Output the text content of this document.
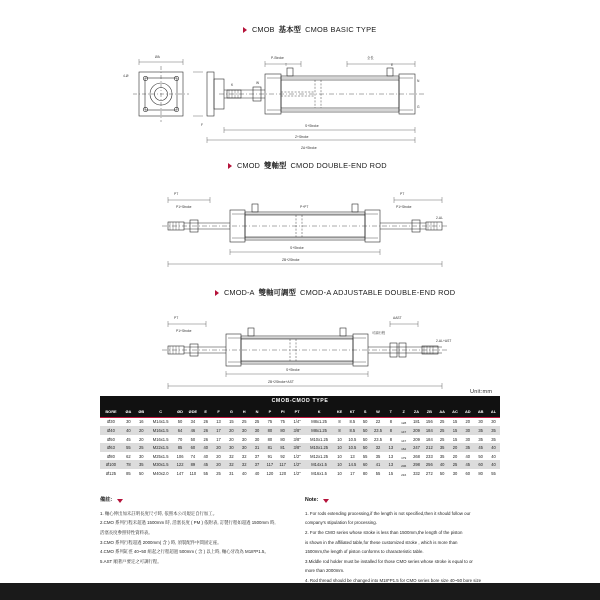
CMOB 基本型 CMOB BASIC TYPE
ØA
4-Ø
P-Stroke	全長
S+Stroke
Z+Stroke
ZA+Stroke
K	W
T	E
N
G
F
CMOD 雙軸型 CMOD DOUBLE-END ROD
PT
P1+Stroke	P+PT
PT
P1+Stroke
S+Stroke
ZB+2Stroke
2-AL
CMOD-A 雙軸可調型 CMOD-A ADJUSTABLE DOUBLE-END ROD
PT
P1+Stroke
AAST
可調行程
S+Stroke
ZB+2Stroke+AST
2-AL+AST
Unit:mm
CMOB-CMOD TYPE
BORE	ØA	ØB	C	ØD	ØDE	E	F	G	H	N	P	PI	PT	K	KE	KT	S	W	T	Z	ZA	ZB	AA	AC	AD	AB	AL
Ø30	30	16	M14x1.5	50	34	26	13	15	25	25	75	75	1/4"	M8x1.25	8	8.5	50	22	8	$_{128}$	181	156	25	15	20	30	30
Ø40	40	20	M16x1.5	64	46	26	17	20	30	30	80	80	3/8"	M8x1.25	8	8.5	50	23.5	8	$_{147}$	209	184	25	15	30	35	35
Ø50	45	20	M16x1.5	70	50	26	17	20	30	30	80	80	3/8"	M10x1.25	10	10.5	50	23.5	8	$_{147}$	209	184	25	15	30	35	35
Ø63	55	25	M22x1.5	85	60	40	20	30	30	31	81	81	3/8"	M10x1.25	10	10.5	50	32	13	$_{162}$	247	212	35	20	35	45	40
Ø80	62	30	M25x1.5	106	74	40	20	32	32	37	91	92	1/2"	M12x1.25	10	13	55	35	13	$_{179}$	268	233	35	20	40	50	40
Ø100	78	35	M30x1.5	122	89	45	20	32	32	37	117	117	1/2"	M14x1.5	10	14.5	60	41	13	$_{206}$	298	256	40	25	45	60	40
Ø125	85	50	M40x2.0	147	110	55	25	31	40	40	120	120	1/2"	M16x1.5	10	17	80	55	15	$_{216}$	332	272	50	30	60	80	55
備註:

1. 軸心伸出加未註明長度尺寸時, 依照本公司規定自行加工。

2.CMO 系列行程未超過 1500mm 時, 活塞長度 ( PM ) 依附表, 訂製行程如超過 1500mm 時,

活塞長度參照特性資料表。

3.CMO 系列行程超過 2000mm( 含 ) 時, 須裝配件中間固定座。

4.CMO 系列缸徑 40~50 組起之行程超過 500mm ( 含 ) 以上時, 軸心牙改為 M18*P1.5。

5.AST 順著戶要定之可調行程。

Note:

1. For rods extending processing,if the length is not specified,then it should follow our

company's stipulation for processing.

2. For the CMO series whose stroke is less than 1500mm,the length of the piston

is shown in the affiliated table,for these customized stroke , which is more than

1500mm,the length of piston conforms to characteristic table.

3.Middle rod holder must be installed for those CMO series whose stroke is equal to or

more than 2000mm.

4. Rod thread should be changed into M18*P1.5 for CMO series bore size 40~50 bore size
